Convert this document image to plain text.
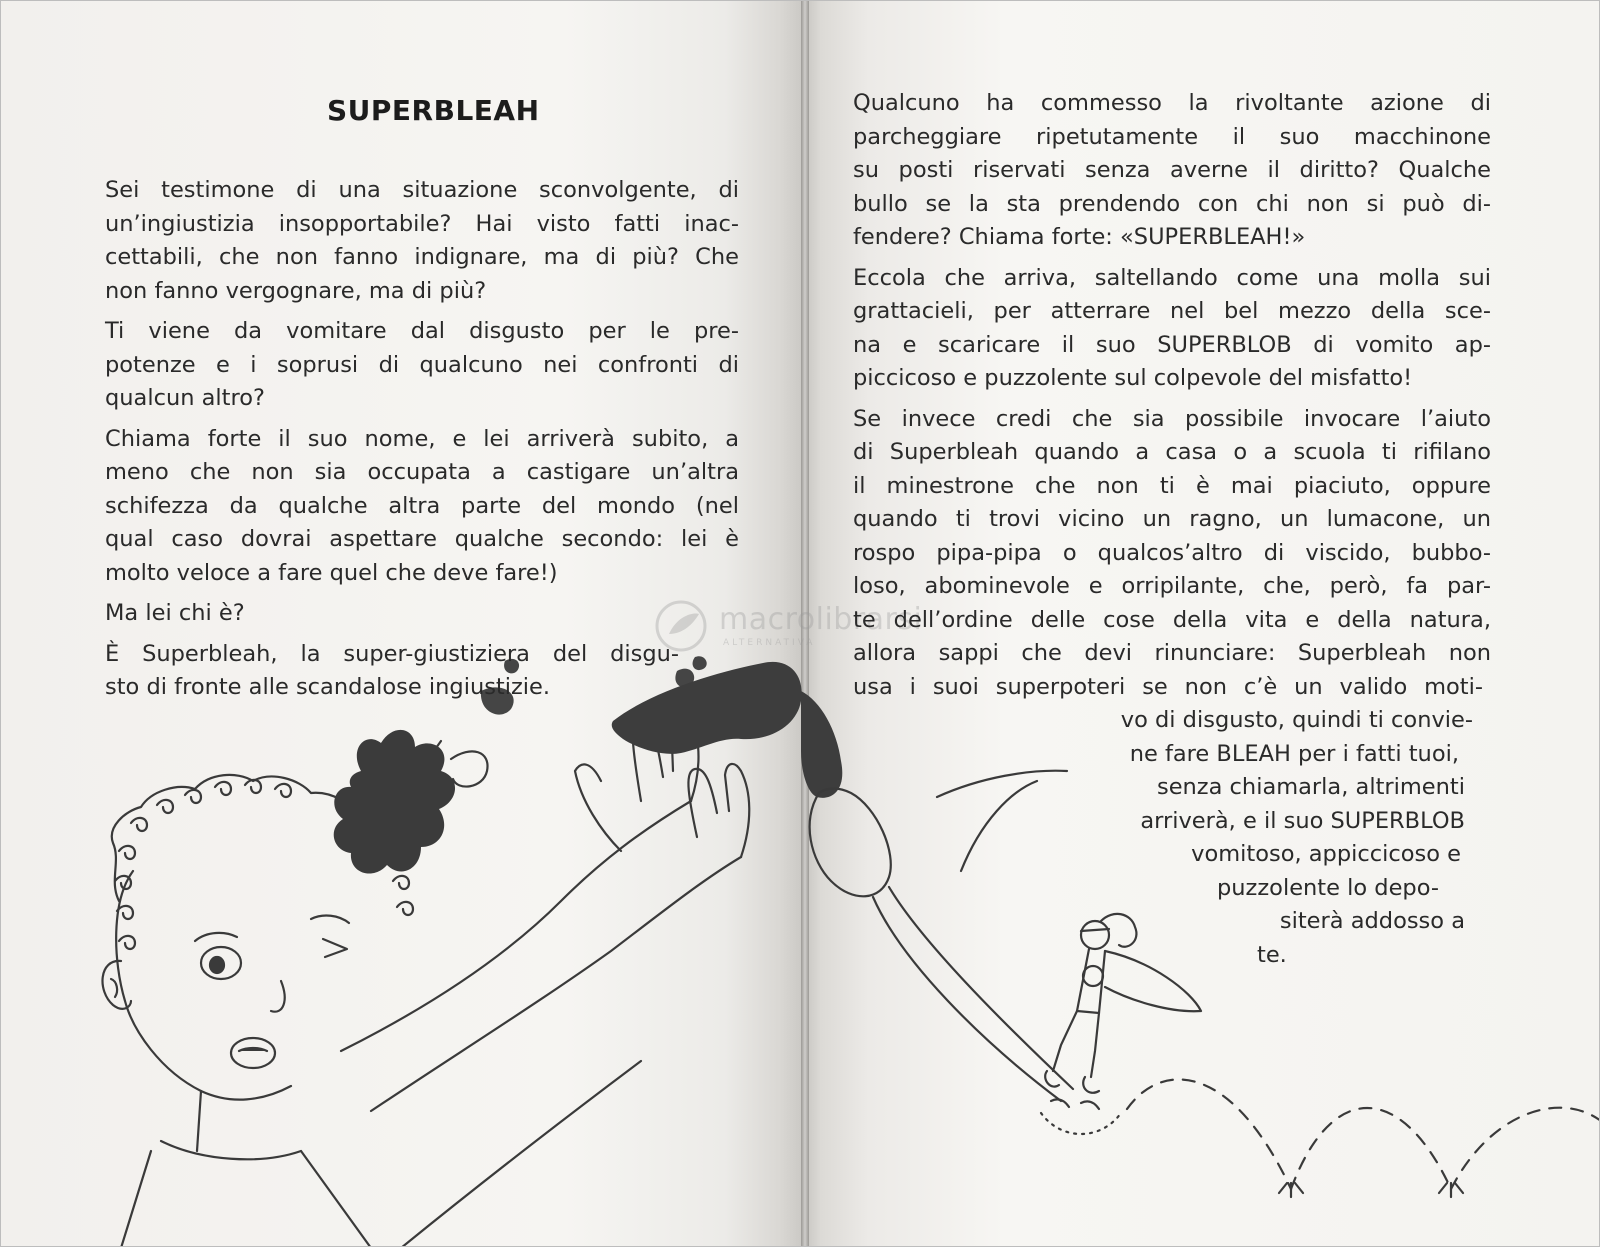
macrolibrarsi
ALTERNATIVA
SUPERBLEAH

Sei testimone di una situazione sconvolgente, di
un’ingiustizia insopportabile? Hai visto fatti inac-
cettabili, che non fanno indignare, ma di più? Che
non fanno vergognare, ma di più?

Ti viene da vomitare dal disgusto per le pre-
potenze e i soprusi di qualcuno nei confronti di
qualcun altro?

Chiama forte il suo nome, e lei arriverà subito, a
meno che non sia occupata a castigare un’altra
schifezza da qualche altra parte del mondo (nel
qual caso dovrai aspettare qualche secondo: lei è
molto veloce a fare quel che deve fare!)

Ma lei chi è?

È Superbleah, la super-giustiziera del disgu-
sto di fronte alle scandalose ingiustizie.

Qualcuno ha commesso la rivoltante azione di
parcheggiare ripetutamente il suo macchinone
su posti riservati senza averne il diritto? Qualche
bullo se la sta prendendo con chi non si può di-
fendere? Chiama forte: «SUPERBLEAH!»

Eccola che arriva, saltellando come una molla sui
grattacieli, per atterrare nel bel mezzo della sce-
na e scaricare il suo SUPERBLOB di vomito ap-
piccicoso e puzzolente sul colpevole del misfatto!

Se invece credi che sia possibile invocare l’aiuto
di Superbleah quando a casa o a scuola ti rifilano
il minestrone che non ti è mai piaciuto, oppure
quando ti trovi vicino un ragno, un lumacone, un
rospo pipa-pipa o qualcos’altro di viscido, bubbo-
loso, abominevole e orripilante, che, però, fa par-
te dell’ordine delle cose della vita e della natura,
allora sappi che devi rinunciare: Superbleah non
usa i suoi superpoteri se non c’è un valido moti-
vo di disgusto, quindi ti convie-
ne fare BLEAH per i fatti tuoi,
senza chiamarla, altrimenti
arriverà, e il suo SUPERBLOB
vomitoso, appiccicoso e
puzzolente lo depo-
siterà addosso a
te.
